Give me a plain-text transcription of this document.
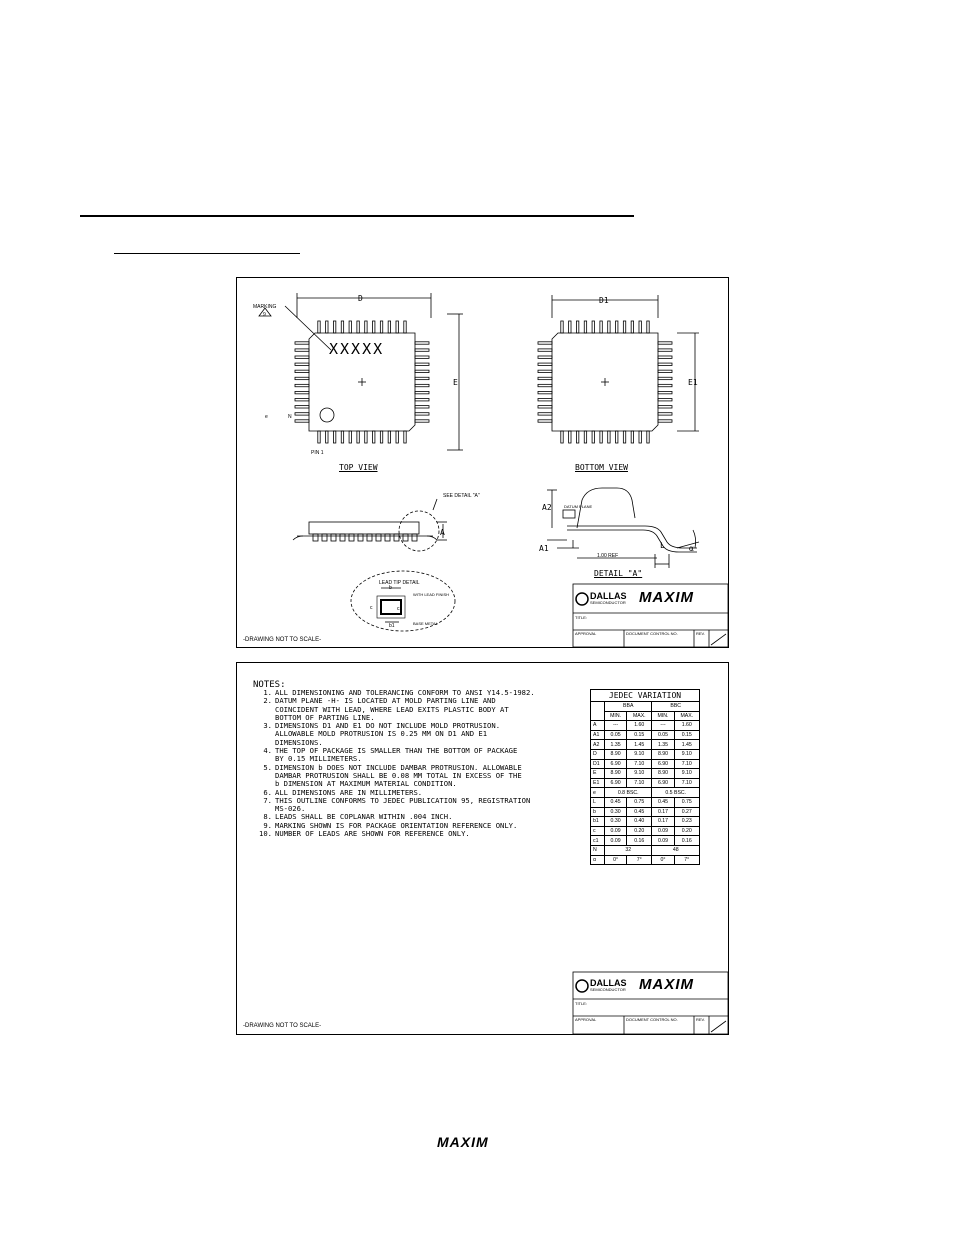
MARKING
9
D
E
D1
E1
XXXXX
PIN 1
e	N
TOP VIEW	BOTTOM VIEW
SEE DETAIL "A"
A
A2
A1
DATUM PLANE
1.00 REF
L	α
DETAIL "A"
LEAD TIP DETAIL
b
c	c1
b1
WITH LEAD FINISH
BASE METAL
-DRAWING NOT TO SCALE-
DALLAS
SEMICONDUCTOR MAXIM
TITLE:
APPROVAL	DOCUMENT CONTROL NO.	REV.
NOTES:
1. ALL DIMENSIONING AND TOLERANCING CONFORM TO ANSI Y14.5-1982.
2. DATUM PLANE -H- IS LOCATED AT MOLD PARTING LINE AND
COINCIDENT WITH LEAD, WHERE LEAD EXITS PLASTIC BODY AT
BOTTOM OF PARTING LINE.
3. DIMENSIONS D1 AND E1 DO NOT INCLUDE MOLD PROTRUSION.
ALLOWABLE MOLD PROTRUSION IS 0.25 MM ON D1 AND E1
DIMENSIONS.
4. THE TOP OF PACKAGE IS SMALLER THAN THE BOTTOM OF PACKAGE
BY 0.15 MILLIMETERS.
5. DIMENSION b DOES NOT INCLUDE DAMBAR PROTRUSION. ALLOWABLE
DAMBAR PROTRUSION SHALL BE 0.08 MM TOTAL IN EXCESS OF THE
b DIMENSION AT MAXIMUM MATERIAL CONDITION.
6. ALL DIMENSIONS ARE IN MILLIMETERS.
7. THIS OUTLINE CONFORMS TO JEDEC PUBLICATION 95, REGISTRATION
MS-026.
8. LEADS SHALL BE COPLANAR WITHIN .004 INCH.
9. MARKING SHOWN IS FOR PACKAGE ORIENTATION REFERENCE ONLY.
10. NUMBER OF LEADS ARE SHOWN FOR REFERENCE ONLY.
JEDEC VARIATION				
	BBA		BBC	
	MIN.	MAX.	MIN.	MAX.
A	---	1.60	---	1.60
A1	0.05	0.15	0.05	0.15
A2	1.35	1.45	1.35	1.45
D	8.90	9.10	8.90	9.10
D1	6.90	7.10	6.90	7.10
E	8.90	9.10	8.90	9.10
E1	6.90	7.10	6.90	7.10
e	0.8 BSC.		0.5 BSC.	
L	0.45	0.75	0.45	0.75
b	0.30	0.45	0.17	0.27
b1	0.30	0.40	0.17	0.23
c	0.09	0.20	0.09	0.20
c1	0.09	0.16	0.09	0.16
N	32		48	
α	0°	7°	0°	7°
DALLAS
SEMICONDUCTOR MAXIM
TITLE:
APPROVAL	DOCUMENT CONTROL NO.	REV.
-DRAWING NOT TO SCALE-
MAXIM
